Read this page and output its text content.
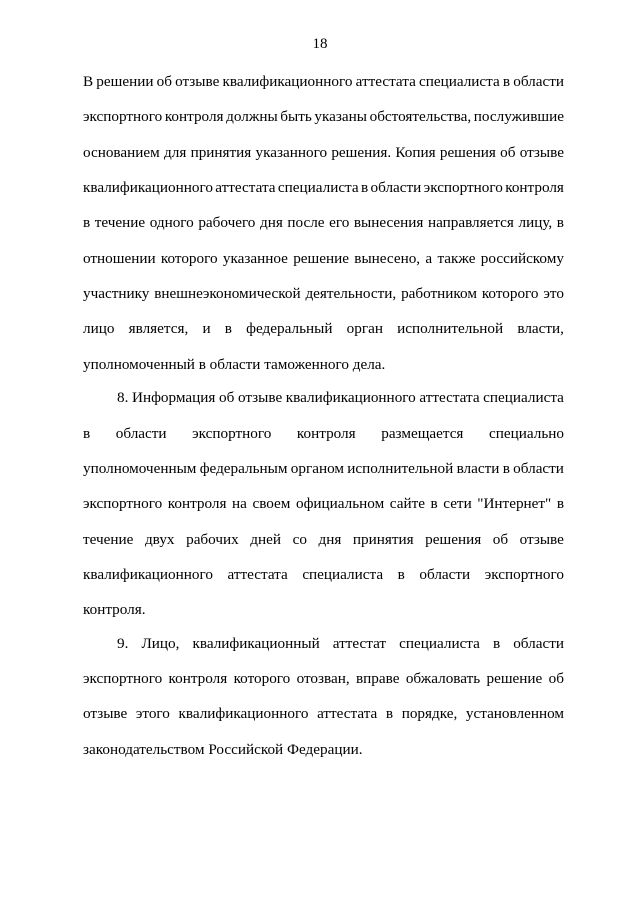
18
В решении об отзыве квалификационного аттестата специалиста в области
экспортного контроля должны быть указаны обстоятельства, послужившие
основанием для принятия указанного решения. Копия решения об отзыве
квалификационного аттестата специалиста в области экспортного контроля
в течение одного рабочего дня после его вынесения направляется лицу, в
отношении которого указанное решение вынесено, а также российскому
участнику внешнеэкономической деятельности, работником которого это
лицо является, и в федеральный орган исполнительной власти,
уполномоченный в области таможенного дела.
8. Информация об отзыве квалификационного аттестата специалиста
в области экспортного контроля размещается специально
уполномоченным федеральным органом исполнительной власти в области
экспортного контроля на своем официальном сайте в сети "Интернет" в
течение двух рабочих дней со дня принятия решения об отзыве
квалификационного аттестата специалиста в области экспортного
контроля.
9. Лицо, квалификационный аттестат специалиста в области
экспортного контроля которого отозван, вправе обжаловать решение об
отзыве этого квалификационного аттестата в порядке, установленном
законодательством Российской Федерации.
